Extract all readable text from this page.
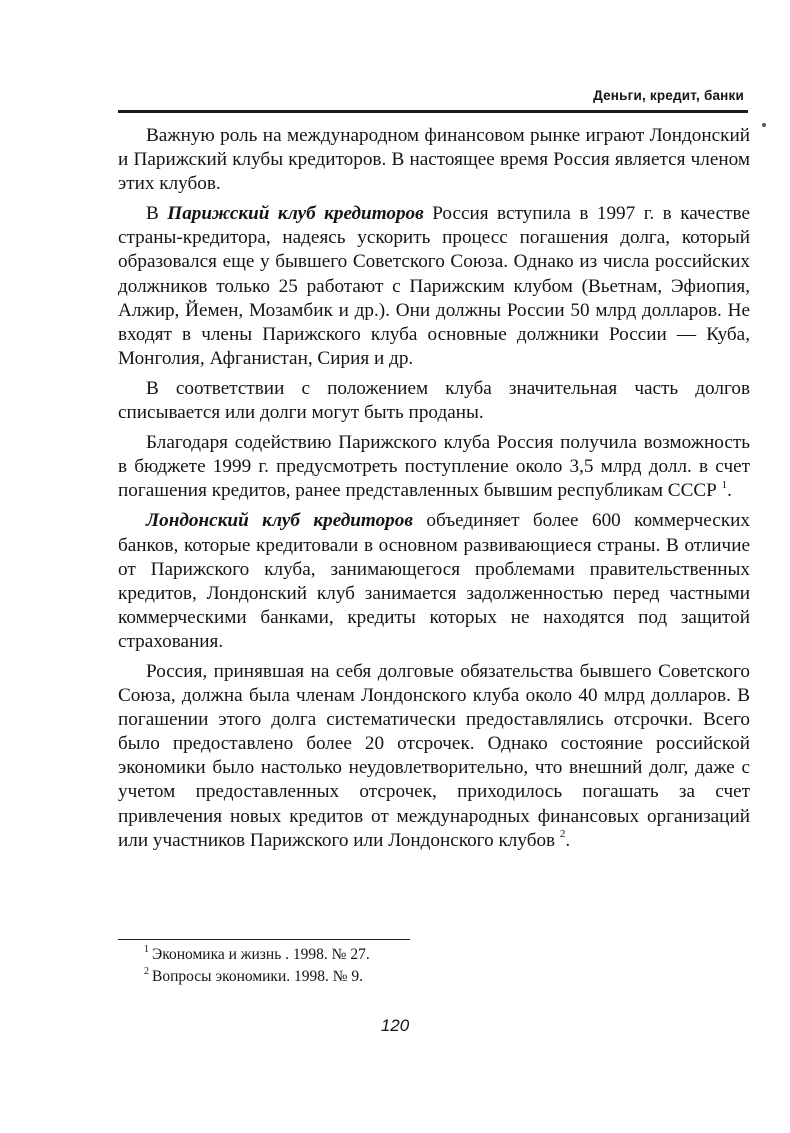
Деньги, кредит, банки

Важную роль на международном финансовом рынке играют Лондонский и Парижский клубы кредиторов. В настоящее время Россия является членом этих клубов.

В Парижский клуб кредиторов Россия вступила в 1997 г. в качестве страны-кредитора, надеясь ускорить процесс погашения долга, который образовался еще у бывшего Советского Союза. Однако из числа российских должников только 25 работают с Парижским клубом (Вьетнам, Эфиопия, Алжир, Йемен, Мозамбик и др.). Они должны России 50 млрд долларов. Не входят в члены Парижского клуба основные должники России — Куба, Монголия, Афганистан, Сирия и др.

В соответствии с положением клуба значительная часть долгов списывается или долги могут быть проданы.

Благодаря содействию Парижского клуба Россия получила возможность в бюджете 1999 г. предусмотреть поступление около 3,5 млрд долл. в счет погашения кредитов, ранее представленных бывшим республикам СССР $^1$.

Лондонский клуб кредиторов объединяет более 600 коммерческих банков, которые кредитовали в основном развивающиеся страны. В отличие от Парижского клуба, занимающегося проблемами правительственных кредитов, Лондонский клуб занимается задолженностью перед частными коммерческими банками, кредиты которых не находятся под защитой страхования.

Россия, принявшая на себя долговые обязательства бывшего Советского Союза, должна была членам Лондонского клуба около 40 млрд долларов. В погашении этого долга систематически предоставлялись отсрочки. Всего было предоставлено более 20 отсрочек. Однако состояние российской экономики было настолько неудовлетворительно, что внешний долг, даже с учетом предоставленных отсрочек, приходилось погашать за счет привлечения новых кредитов от международных финансовых организаций или участников Парижского или Лондонского клубов $^2$.

$^1$ Экономика и жизнь . 1998. № 27.
$^2$ Вопросы экономики. 1998. № 9.
120
